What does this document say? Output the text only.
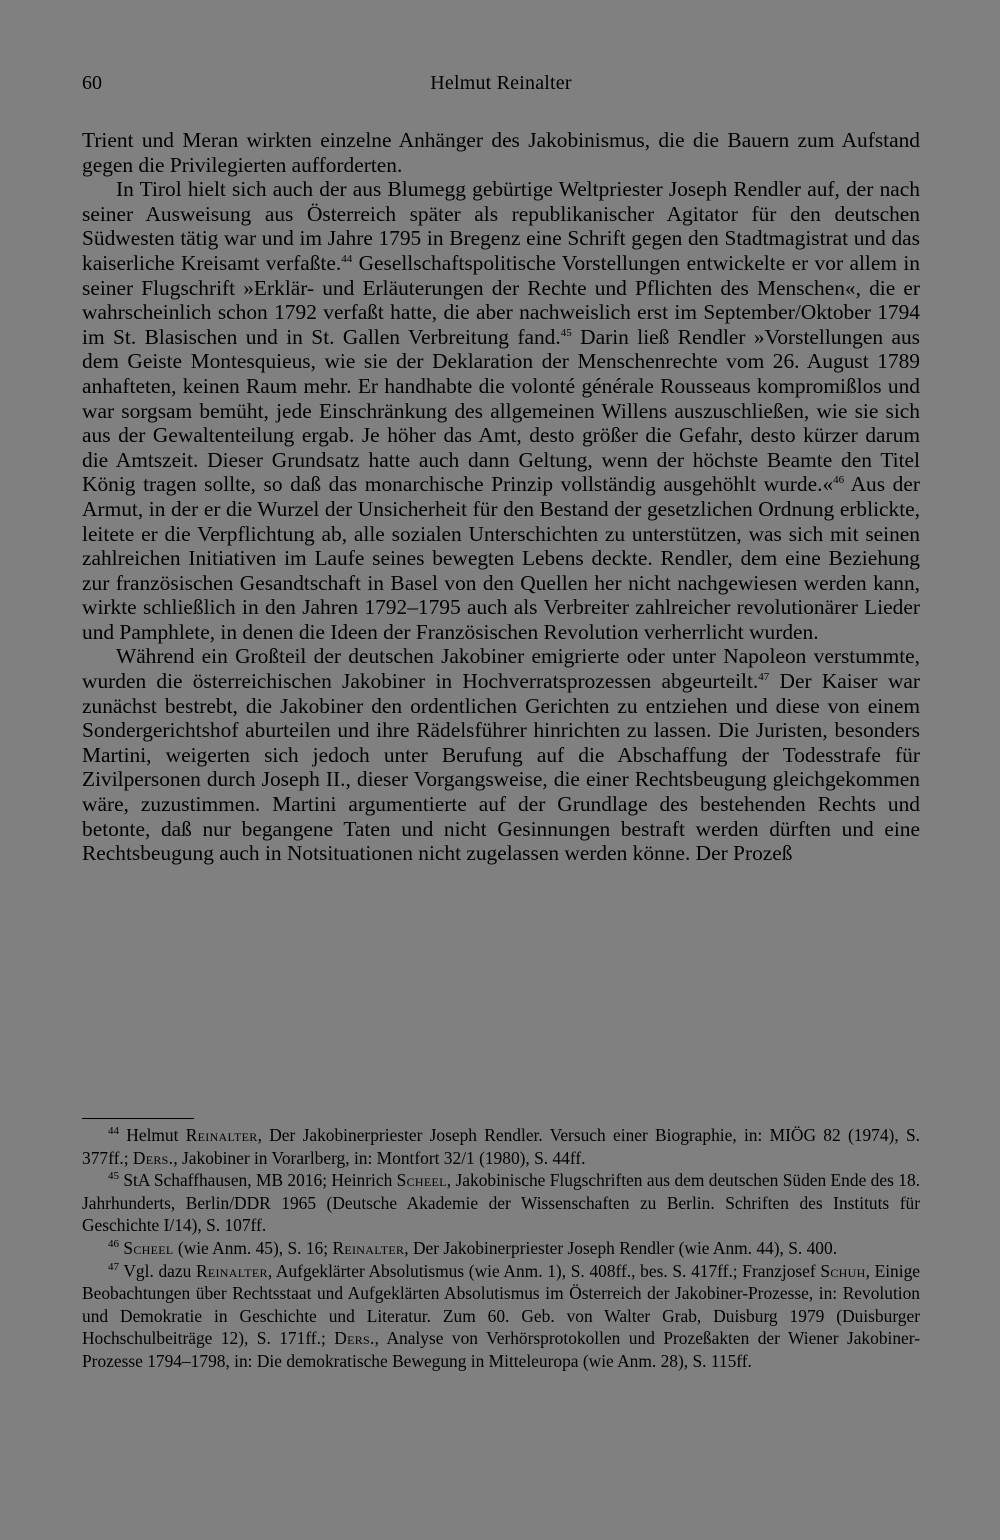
60	Helmut Reinalter

Trient und Meran wirkten einzelne Anhänger des Jakobinismus, die die Bauern zum Aufstand gegen die Privilegierten aufforderten.

In Tirol hielt sich auch der aus Blumegg gebürtige Weltpriester Joseph Rendler auf, der nach seiner Ausweisung aus Österreich später als republikanischer Agitator für den deutschen Südwesten tätig war und im Jahre 1795 in Bregenz eine Schrift gegen den Stadtmagistrat und das kaiserliche Kreisamt verfaßte.$^{44}$ Gesellschaftspolitische Vorstellungen entwickelte er vor allem in seiner Flugschrift »Erklär- und Erläuterungen der Rechte und Pflichten des Menschen«, die er wahrscheinlich schon 1792 verfaßt hatte, die aber nachweislich erst im September/Oktober 1794 im St. Blasischen und in St. Gallen Verbreitung fand.$^{45}$ Darin ließ Rendler »Vorstellungen aus dem Geiste Montesquieus, wie sie der Deklaration der Menschenrechte vom 26. August 1789 anhafteten, keinen Raum mehr. Er handhabte die volonté générale Rousseaus kompromißlos und war sorgsam bemüht, jede Einschränkung des allgemeinen Willens auszuschließen, wie sie sich aus der Gewaltenteilung ergab. Je höher das Amt, desto größer die Gefahr, desto kürzer darum die Amtszeit. Dieser Grundsatz hatte auch dann Geltung, wenn der höchste Beamte den Titel König tragen sollte, so daß das monarchische Prinzip vollständig ausgehöhlt wurde.«$^{46}$ Aus der Armut, in der er die Wurzel der Unsicherheit für den Bestand der gesetzlichen Ordnung erblickte, leitete er die Verpflichtung ab, alle sozialen Unterschichten zu unterstützen, was sich mit seinen zahlreichen Initiativen im Laufe seines bewegten Lebens deckte. Rendler, dem eine Beziehung zur französischen Gesandtschaft in Basel von den Quellen her nicht nachgewiesen werden kann, wirkte schließlich in den Jahren 1792–1795 auch als Verbreiter zahlreicher revolutionärer Lieder und Pamphlete, in denen die Ideen der Französischen Revolution verherrlicht wurden.

Während ein Großteil der deutschen Jakobiner emigrierte oder unter Napoleon verstummte, wurden die österreichischen Jakobiner in Hochverratsprozessen abgeurteilt.$^{47}$ Der Kaiser war zunächst bestrebt, die Jakobiner den ordentlichen Gerichten zu entziehen und diese von einem Sondergerichtshof aburteilen und ihre Rädelsführer hinrichten zu lassen. Die Juristen, besonders Martini, weigerten sich jedoch unter Berufung auf die Abschaffung der Todesstrafe für Zivilpersonen durch Joseph II., dieser Vorgangsweise, die einer Rechtsbeugung gleichgekommen wäre, zuzustimmen. Martini argumentierte auf der Grundlage des bestehenden Rechts und betonte, daß nur begangene Taten und nicht Gesinnungen bestraft werden dürften und eine Rechtsbeugung auch in Notsituationen nicht zugelassen werden könne. Der Prozeß

$^{44}$ Helmut Reinalter, Der Jakobinerpriester Joseph Rendler. Versuch einer Biographie, in: MIÖG 82 (1974), S. 377ff.; Ders., Jakobiner in Vorarlberg, in: Montfort 32/1 (1980), S. 44ff.

$^{45}$ StA Schaffhausen, MB 2016; Heinrich Scheel, Jakobinische Flugschriften aus dem deutschen Süden Ende des 18. Jahrhunderts, Berlin/DDR 1965 (Deutsche Akademie der Wissenschaften zu Berlin. Schriften des Instituts für Geschichte I/14), S. 107ff.

$^{46}$ Scheel (wie Anm. 45), S. 16; Reinalter, Der Jakobinerpriester Joseph Rendler (wie Anm. 44), S. 400.

$^{47}$ Vgl. dazu Reinalter, Aufgeklärter Absolutismus (wie Anm. 1), S. 408ff., bes. S. 417ff.; Franzjosef Schuh, Einige Beobachtungen über Rechtsstaat und Aufgeklärten Absolutismus im Österreich der Jakobiner-Prozesse, in: Revolution und Demokratie in Geschichte und Literatur. Zum 60. Geb. von Walter Grab, Duisburg 1979 (Duisburger Hochschulbeiträge 12), S. 171ff.; Ders., Analyse von Verhörsprotokollen und Prozeßakten der Wiener Jakobiner-Prozesse 1794–1798, in: Die demokratische Bewegung in Mitteleuropa (wie Anm. 28), S. 115ff.
